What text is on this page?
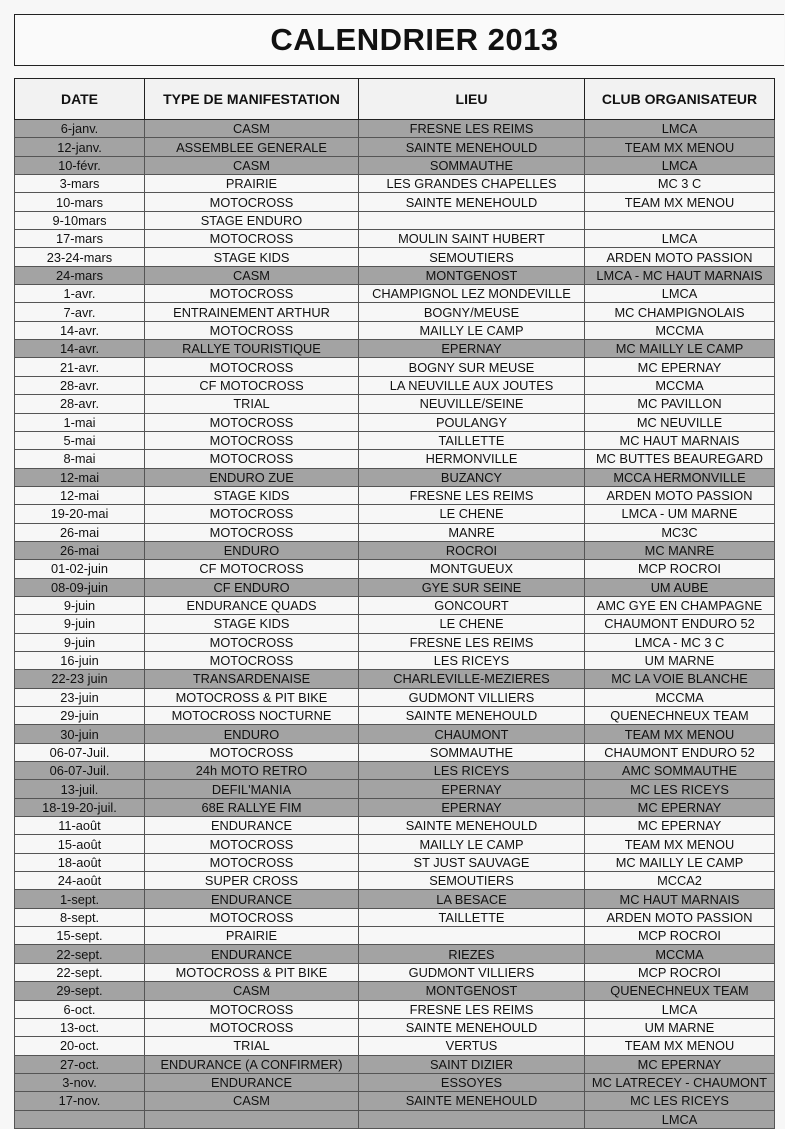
CALENDRIER 2013
DATE	TYPE DE MANIFESTATION	LIEU	CLUB ORGANISATEUR
6-janv.	CASM	FRESNE LES REIMS	LMCA
12-janv.	ASSEMBLEE GENERALE	SAINTE MENEHOULD	TEAM MX MENOU
10-févr.	CASM	SOMMAUTHE	LMCA
3-mars	PRAIRIE	LES GRANDES CHAPELLES	MC 3 C
10-mars	MOTOCROSS	SAINTE MENEHOULD	TEAM MX MENOU
9-10mars	STAGE ENDURO		
17-mars	MOTOCROSS	MOULIN SAINT HUBERT	LMCA
23-24-mars	STAGE KIDS	SEMOUTIERS	ARDEN MOTO PASSION
24-mars	CASM	MONTGENOST	LMCA - MC HAUT MARNAIS
1-avr.	MOTOCROSS	CHAMPIGNOL LEZ MONDEVILLE	LMCA
7-avr.	ENTRAINEMENT ARTHUR	BOGNY/MEUSE	MC CHAMPIGNOLAIS
14-avr.	MOTOCROSS	MAILLY LE CAMP	MCCMA
14-avr.	RALLYE TOURISTIQUE	EPERNAY	MC MAILLY LE CAMP
21-avr.	MOTOCROSS	BOGNY SUR MEUSE	MC EPERNAY
28-avr.	CF MOTOCROSS	LA NEUVILLE AUX JOUTES	MCCMA
28-avr.	TRIAL	NEUVILLE/SEINE	MC PAVILLON
1-mai	MOTOCROSS	POULANGY	MC NEUVILLE
5-mai	MOTOCROSS	TAILLETTE	MC HAUT MARNAIS
8-mai	MOTOCROSS	HERMONVILLE	MC BUTTES BEAUREGARD
12-mai	ENDURO ZUE	BUZANCY	MCCA HERMONVILLE
12-mai	STAGE KIDS	FRESNE LES REIMS	ARDEN MOTO PASSION
19-20-mai	MOTOCROSS	LE CHENE	LMCA - UM MARNE
26-mai	MOTOCROSS	MANRE	MC3C
26-mai	ENDURO	ROCROI	MC MANRE
01-02-juin	CF MOTOCROSS	MONTGUEUX	MCP ROCROI
08-09-juin	CF ENDURO	GYE SUR SEINE	UM AUBE
9-juin	ENDURANCE QUADS	GONCOURT	AMC GYE EN CHAMPAGNE
9-juin	STAGE KIDS	LE CHENE	CHAUMONT ENDURO 52
9-juin	MOTOCROSS	FRESNE LES REIMS	LMCA - MC 3 C
16-juin	MOTOCROSS	LES RICEYS	UM MARNE
22-23 juin	TRANSARDENAISE	CHARLEVILLE-MEZIERES	MC LA VOIE BLANCHE
23-juin	MOTOCROSS & PIT BIKE	GUDMONT VILLIERS	MCCMA
29-juin	MOTOCROSS NOCTURNE	SAINTE MENEHOULD	QUENECHNEUX TEAM
30-juin	ENDURO	CHAUMONT	TEAM MX MENOU
06-07-Juil.	MOTOCROSS	SOMMAUTHE	CHAUMONT ENDURO 52
06-07-Juil.	24h MOTO RETRO	LES RICEYS	AMC SOMMAUTHE
13-juil.	DEFIL'MANIA	EPERNAY	MC LES RICEYS
18-19-20-juil.	68E RALLYE FIM	EPERNAY	MC EPERNAY
11-août	ENDURANCE	SAINTE MENEHOULD	MC EPERNAY
15-août	MOTOCROSS	MAILLY LE CAMP	TEAM MX MENOU
18-août	MOTOCROSS	ST JUST SAUVAGE	MC MAILLY LE CAMP
24-août	SUPER CROSS	SEMOUTIERS	MCCA2
1-sept.	ENDURANCE	LA BESACE	MC HAUT MARNAIS
8-sept.	MOTOCROSS	TAILLETTE	ARDEN MOTO PASSION
15-sept.	PRAIRIE		MCP ROCROI
22-sept.	ENDURANCE	RIEZES	MCCMA
22-sept.	MOTOCROSS & PIT BIKE	GUDMONT VILLIERS	MCP ROCROI
29-sept.	CASM	MONTGENOST	QUENECHNEUX TEAM
6-oct.	MOTOCROSS	FRESNE LES REIMS	LMCA
13-oct.	MOTOCROSS	SAINTE MENEHOULD	UM MARNE
20-oct.	TRIAL	VERTUS	TEAM MX MENOU
27-oct.	ENDURANCE (A CONFIRMER)	SAINT DIZIER	MC EPERNAY
3-nov.	ENDURANCE	ESSOYES	MC LATRECEY - CHAUMONT
17-nov.	CASM	SAINTE MENEHOULD	MC LES RICEYS
			LMCA
